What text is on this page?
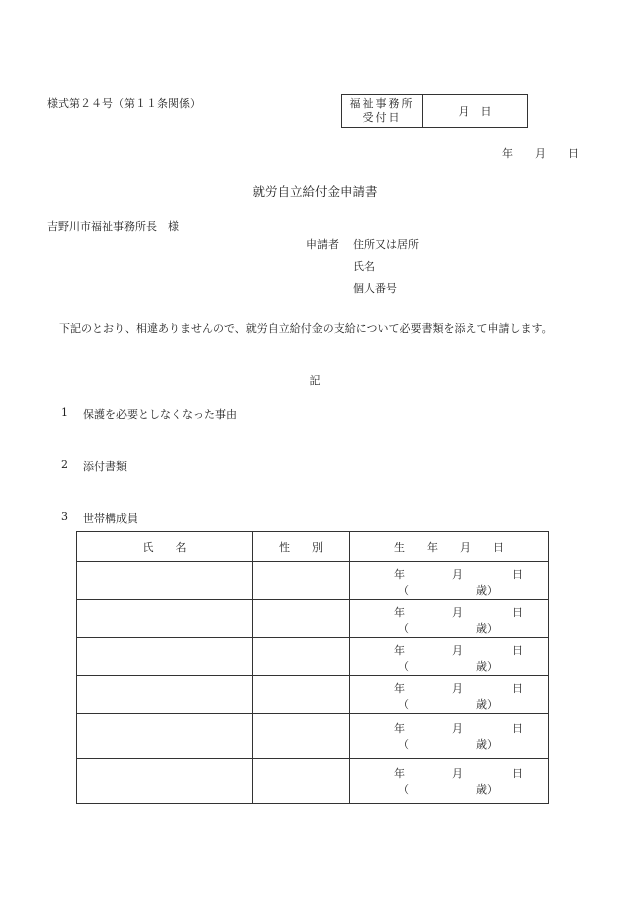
様式第２４号（第１１条関係）	福祉事務所
受付日	月　日
年　　月　　日
就労自立給付金申請書
吉野川市福祉事務所長　様
申請者 住所又は居所
氏名
個人番号
下記のとおり、相違ありませんので、就労自立給付金の支給について必要書類を添えて申請します。
記
1 保護を必要としなくなった事由
2 添付書類
3 世帯構成員
氏　　名	性　　別	生　　年　　月　　日

		年 月 日
（ 歳）

		年 月 日
（ 歳）

		年 月 日
（ 歳）

		年 月 日
（ 歳）

		年 月 日
（ 歳）

		年 月 日
（ 歳）
